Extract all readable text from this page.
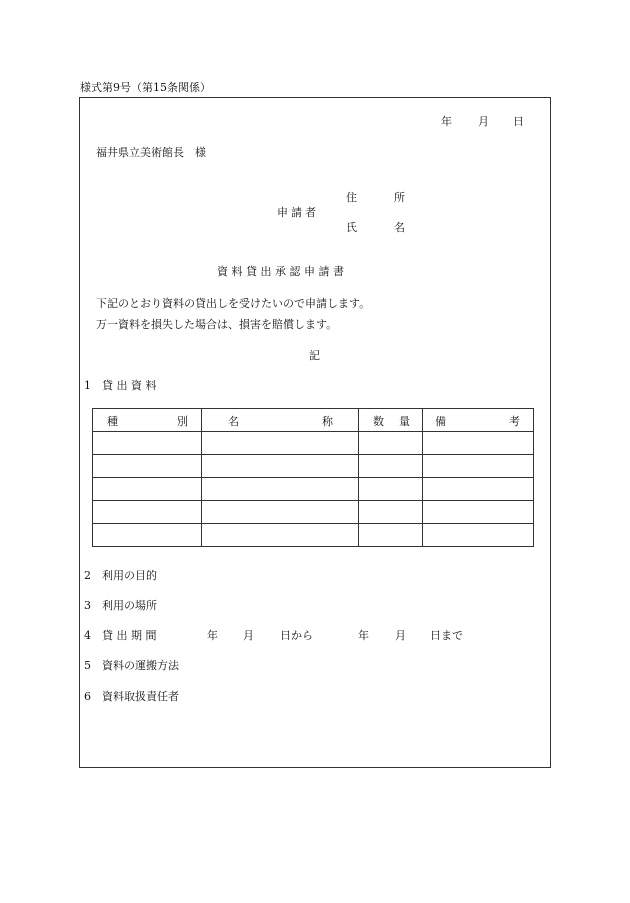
様式第9号（第15条関係）
年 月 日
福井県立美術館長　様
申請者
住	所
氏	名
資 料 貸 出 承 認 申 請 書
下記のとおり資料の貸出しを受けたいので申請します。
万一資料を損失した場合は、損害を賠償します。
記
1 貸 出 資 料
種 別	名 称	数 量	備 考

2 利用の目的
3 利用の場所
4 貸 出 期 間	年 月 日から	年 月 日まで
5 資料の運搬方法
6 資料取扱責任者
